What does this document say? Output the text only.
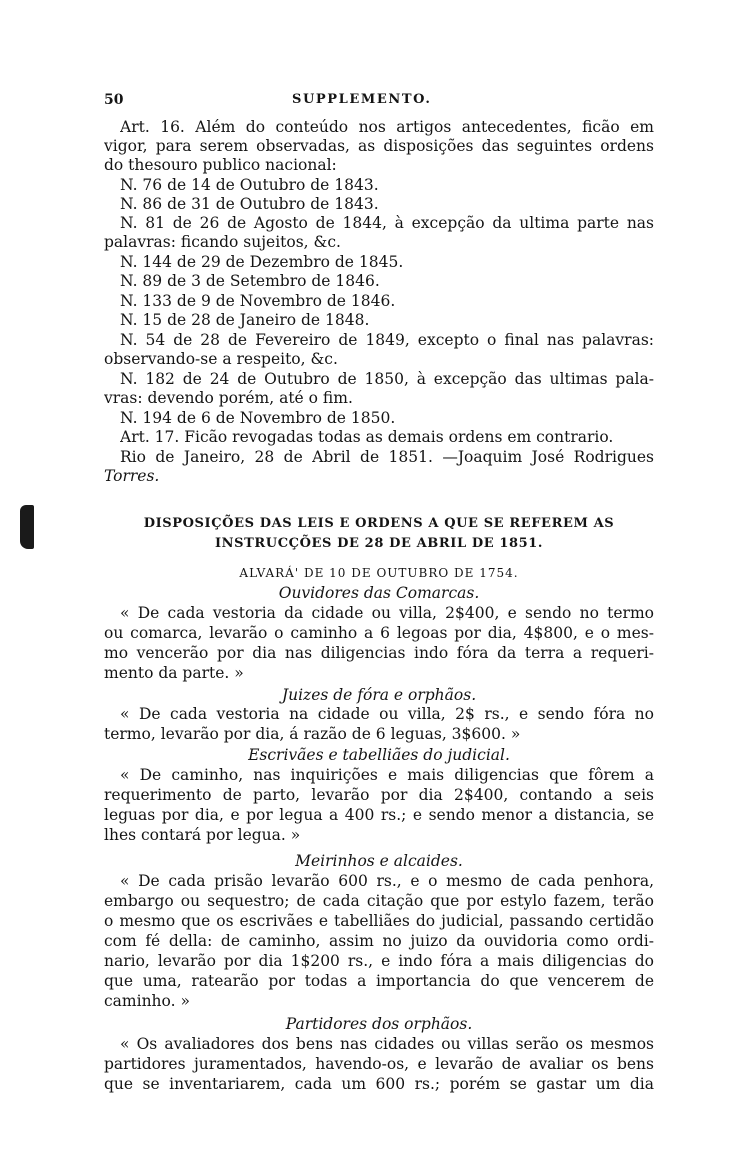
50	SUPPLEMENTO.
Art. 16. Além do conteúdo nos artigos antecedentes, ficão em
vigor, para serem observadas, as disposições das seguintes ordens
do thesouro publico nacional:
N. 76 de 14 de Outubro de 1843.
N. 86 de 31 de Outubro de 1843.
N. 81 de 26 de Agosto de 1844, à excepção da ultima parte nas
palavras: ficando sujeitos, &c.
N. 144 de 29 de Dezembro de 1845.
N. 89 de 3 de Setembro de 1846.
N. 133 de 9 de Novembro de 1846.
N. 15 de 28 de Janeiro de 1848.
N. 54 de 28 de Fevereiro de 1849, excepto o final nas palavras:
observando-se a respeito, &c.
N. 182 de 24 de Outubro de 1850, à excepção das ultimas pala-
vras: devendo porém, até o fim.
N. 194 de 6 de Novembro de 1850.
Art. 17. Ficão revogadas todas as demais ordens em contrario.
Rio de Janeiro, 28 de Abril de 1851. —Joaquim José Rodrigues
Torres.
DISPOSIÇÕES DAS LEIS E ORDENS A QUE SE REFEREM AS
INSTRUCÇÕES DE 28 DE ABRIL DE 1851.
ALVARÁ' DE 10 DE OUTUBRO DE 1754.
Ouvidores das Comarcas.
« De cada vestoria da cidade ou villa, 2$400, e sendo no termo
ou comarca, levarão o caminho a 6 legoas por dia, 4$800, e o mes-
mo vencerão por dia nas diligencias indo fóra da terra a requeri-
mento da parte. »
Juizes de fóra e orphãos.
« De cada vestoria na cidade ou villa, 2$ rs., e sendo fóra no
termo, levarão por dia, á razão de 6 leguas, 3$600. »
Escrivães e tabelliães do judicial.
« De caminho, nas inquirições e mais diligencias que fôrem a
requerimento de parto, levarão por dia 2$400, contando a seis
leguas por dia, e por legua a 400 rs.; e sendo menor a distancia, se
lhes contará por legua. »
Meirinhos e alcaides.
« De cada prisão levarão 600 rs., e o mesmo de cada penhora,
embargo ou sequestro; de cada citação que por estylo fazem, terão
o mesmo que os escrivães e tabelliães do judicial, passando certidão
com fé della: de caminho, assim no juizo da ouvidoria como ordi-
nario, levarão por dia 1$200 rs., e indo fóra a mais diligencias do
que uma, ratearão por todas a importancia do que vencerem de
caminho. »
Partidores dos orphãos.
« Os avaliadores dos bens nas cidades ou villas serão os mesmos
partidores juramentados, havendo-os, e levarão de avaliar os bens
que se inventariarem, cada um 600 rs.; porém se gastar um dia
